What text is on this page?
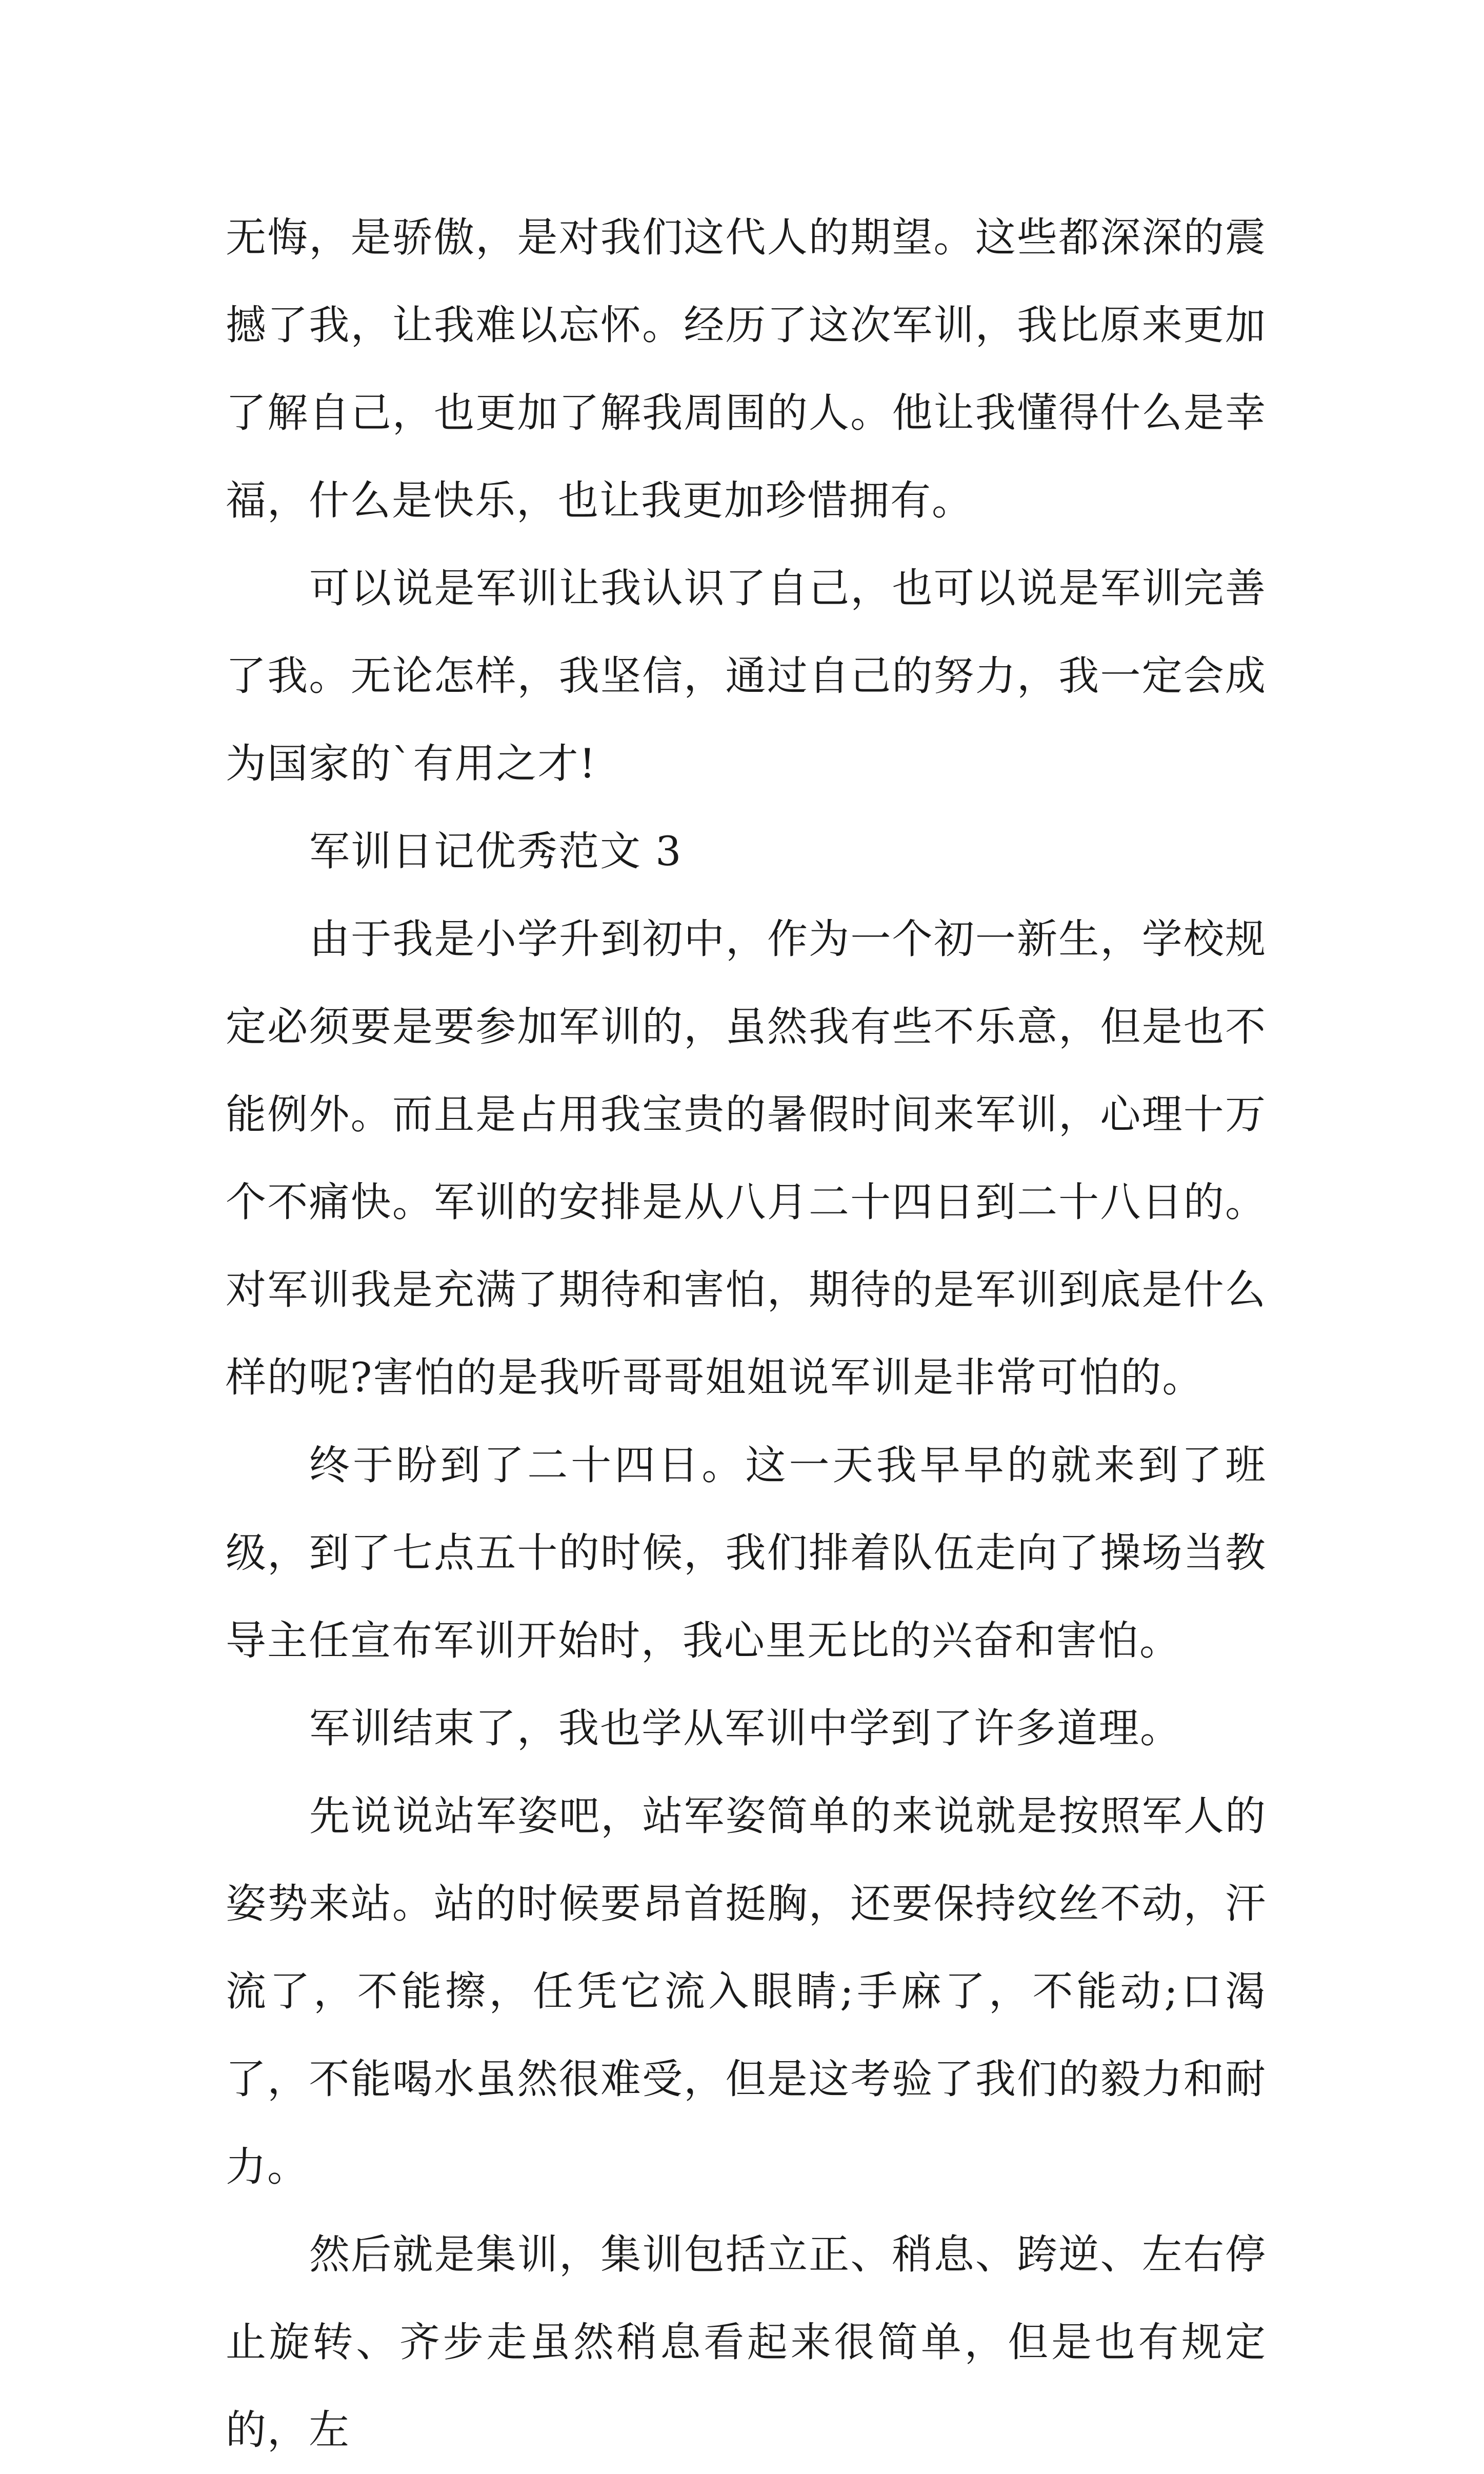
无悔，是骄傲，是对我们这代人的期望。这些都深深的震撼了我，让我难以忘怀。经历了这次军训，我比原来更加了解自己，也更加了解我周围的人。他让我懂得什么是幸福，什么是快乐，也让我更加珍惜拥有。

可以说是军训让我认识了自己，也可以说是军训完善了我。无论怎样，我坚信，通过自己的努力，我一定会成为国家的`有用之才!

军训日记优秀范文 3

由于我是小学升到初中，作为一个初一新生，学校规定必须要是要参加军训的，虽然我有些不乐意，但是也不能例外。而且是占用我宝贵的暑假时间来军训，心理十万个不痛快。军训的安排是从八月二十四日到二十八日的。对军训我是充满了期待和害怕，期待的是军训到底是什么样的呢?害怕的是我听哥哥姐姐说军训是非常可怕的。

终于盼到了二十四日。这一天我早早的就来到了班级，到了七点五十的时候，我们排着队伍走向了操场当教导主任宣布军训开始时，我心里无比的兴奋和害怕。

军训结束了，我也学从军训中学到了许多道理。

先说说站军姿吧，站军姿简单的来说就是按照军人的姿势来站。站的时候要昂首挺胸，还要保持纹丝不动，汗流了，不能擦，任凭它流入眼睛;手麻了，不能动;口渴了，不能喝水虽然很难受，但是这考验了我们的毅力和耐力。

然后就是集训，集训包括立正、稍息、跨逆、左右停止旋转、齐步走虽然稍息看起来很简单，但是也有规定的，左
